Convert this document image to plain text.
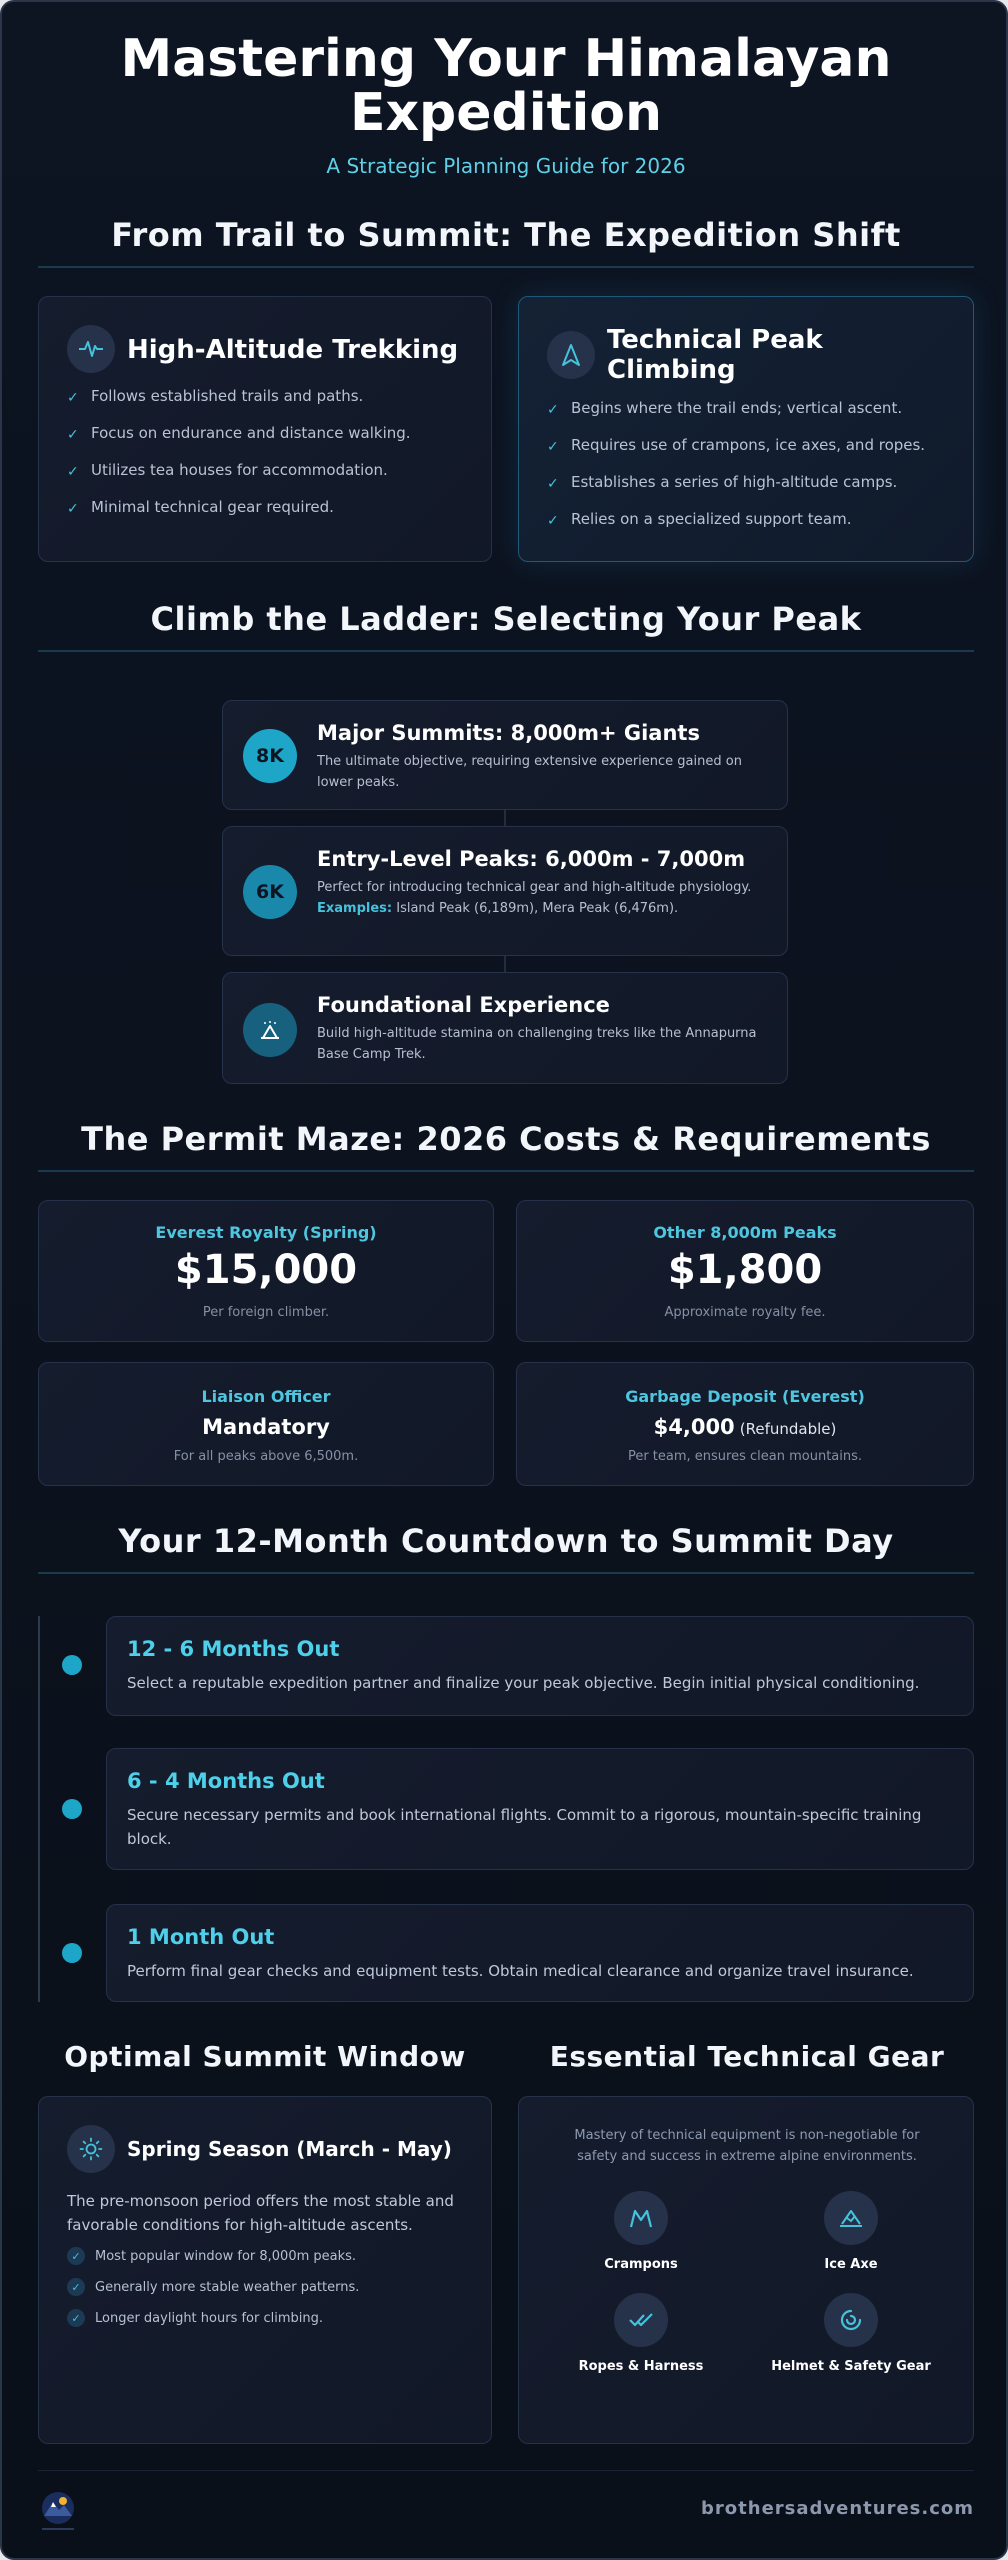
Mastering Your Himalayan
Expedition
A Strategic Planning Guide for 2026
From Trail to Summit: The Expedition Shift
High-Altitude Trekking
✓ Follows established trails and paths.
✓ Focus on endurance and distance walking.
✓ Utilizes tea houses for accommodation.
✓ Minimal technical gear required.
Technical Peak
Climbing
✓ Begins where the trail ends; vertical ascent.
✓ Requires use of crampons, ice axes, and ropes.
✓ Establishes a series of high-altitude camps.
✓ Relies on a specialized support team.
Climb the Ladder: Selecting Your Peak
8K
Major Summits: 8,000m+ Giants
The ultimate objective, requiring extensive experience gained on lower peaks.
6K
Entry-Level Peaks: 6,000m - 7,000m
Perfect for introducing technical gear and high-altitude physiology.
Examples: Island Peak (6,189m), Mera Peak (6,476m).
Foundational Experience
Build high-altitude stamina on challenging treks like the Annapurna Base Camp Trek.
The Permit Maze: 2026 Costs & Requirements
Everest Royalty (Spring)
$15,000
Per foreign climber.
Other 8,000m Peaks
$1,800
Approximate royalty fee.
Liaison Officer
Mandatory
For all peaks above 6,500m.
Garbage Deposit (Everest)
$4,000 (Refundable)
Per team, ensures clean mountains.
Your 12-Month Countdown to Summit Day
12 - 6 Months Out
Select a reputable expedition partner and finalize your peak objective. Begin initial physical conditioning.
6 - 4 Months Out
Secure necessary permits and book international flights. Commit to a rigorous, mountain-specific training block.
1 Month Out
Perform final gear checks and equipment tests. Obtain medical clearance and organize travel insurance.
Optimal Summit Window	Essential Technical Gear
Spring Season (March - May)
The pre-monsoon period offers the most stable and favorable conditions for high-altitude ascents.
✓	Most popular window for 8,000m peaks.
✓	Generally more stable weather patterns.
✓	Longer daylight hours for climbing.
Mastery of technical equipment is non-negotiable for safety and success in extreme alpine environments.
Crampons	Ice Axe
Ropes & Harness	Helmet & Safety Gear
brothersadventures.com
